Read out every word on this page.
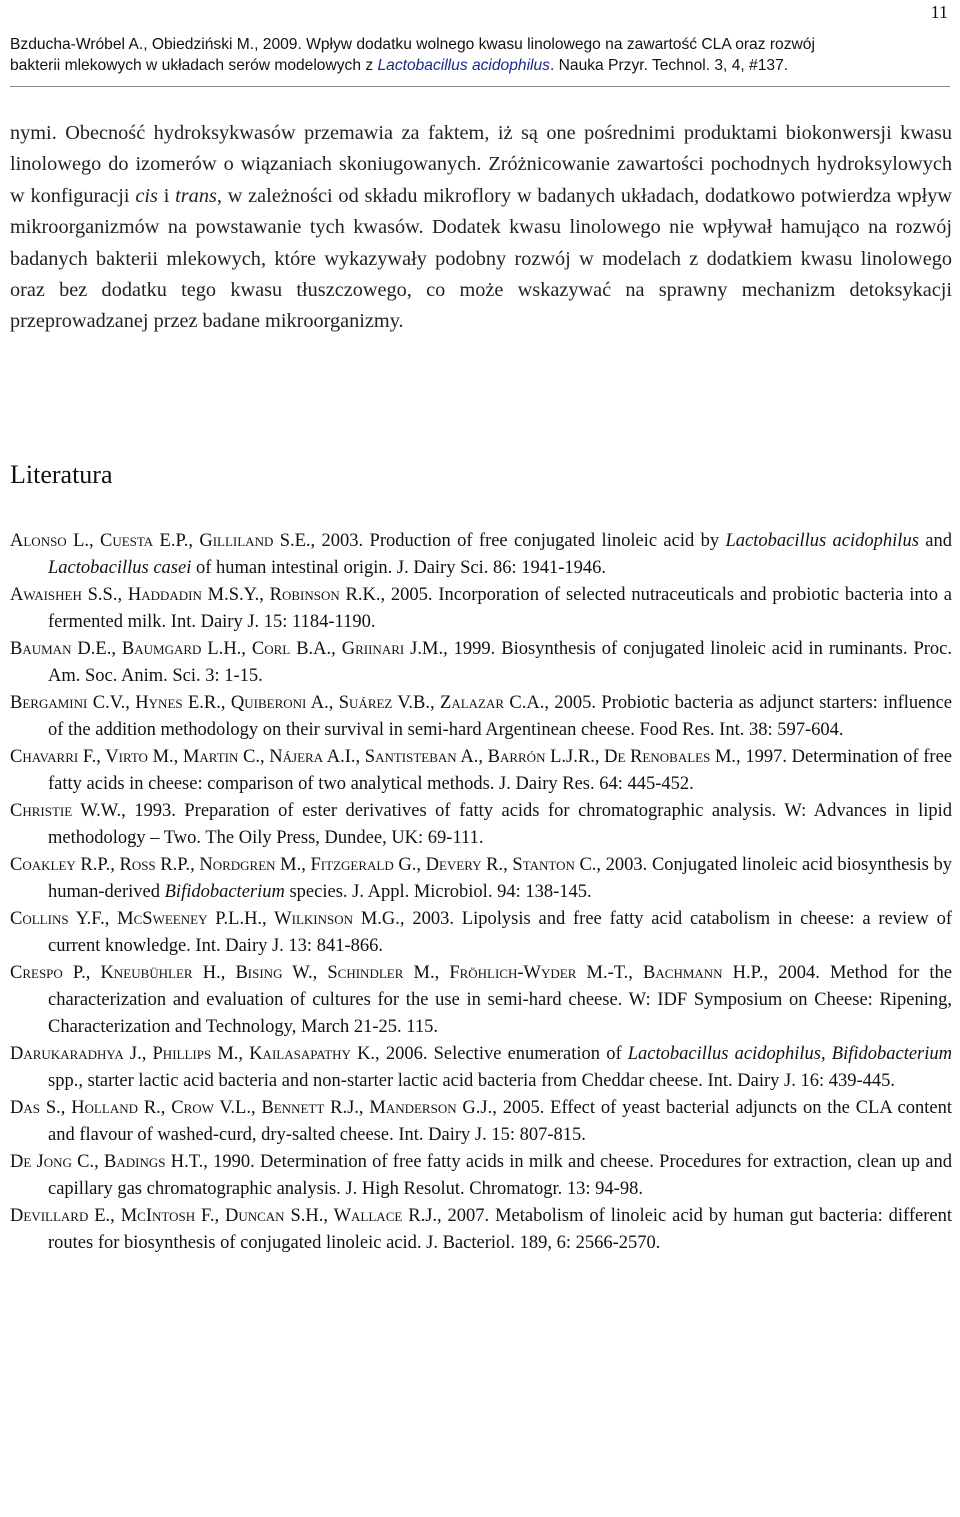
11
Bzducha-Wróbel A., Obiedziński M., 2009. Wpływ dodatku wolnego kwasu linolowego na zawartość CLA oraz rozwój
bakterii mlekowych w układach serów modelowych z Lactobacillus acidophilus. Nauka Przyr. Technol. 3, 4, #137.

nymi. Obecność hydroksykwasów przemawia za faktem, iż są one pośrednimi produktami biokonwersji kwasu linolowego do izomerów o wiązaniach skoniugowanych. Zróżnicowanie zawartości pochodnych hydroksylowych w konfiguracji cis i trans, w zależności od składu mikroflory w badanych układach, dodatkowo potwierdza wpływ mikroorganizmów na powstawanie tych kwasów. Dodatek kwasu linolowego nie wpływał hamująco na rozwój badanych bakterii mlekowych, które wykazywały podobny rozwój w modelach z dodatkiem kwasu linolowego oraz bez dodatku tego kwasu tłuszczowego, co może wskazywać na sprawny mechanizm detoksykacji przeprowadzanej przez badane mikroorganizmy.

Literatura

Alonso L., Cuesta E.P., Gilliland S.E., 2003. Production of free conjugated linoleic acid by Lactobacillus acidophilus and Lactobacillus casei of human intestinal origin. J. Dairy Sci. 86: 1941-1946.

Awaisheh S.S., Haddadin M.S.Y., Robinson R.K., 2005. Incorporation of selected nutraceuticals and probiotic bacteria into a fermented milk. Int. Dairy J. 15: 1184-1190.

Bauman D.E., Baumgard L.H., Corl B.A., Griinari J.M., 1999. Biosynthesis of conjugated linoleic acid in ruminants. Proc. Am. Soc. Anim. Sci. 3: 1-15.

Bergamini C.V., Hynes E.R., Quiberoni A., Suárez V.B., Zalazar C.A., 2005. Probiotic bacteria as adjunct starters: influence of the addition methodology on their survival in semi-hard Argentinean cheese. Food Res. Int. 38: 597-604.

Chavarri F., Virto M., Martin C., Nájera A.I., Santisteban A., Barrón L.J.R., De Renobales M., 1997. Determination of free fatty acids in cheese: comparison of two analytical methods. J. Dairy Res. 64: 445-452.

Christie W.W., 1993. Preparation of ester derivatives of fatty acids for chromatographic analysis. W: Advances in lipid methodology – Two. The Oily Press, Dundee, UK: 69-111.

Coakley R.P., Ross R.P., Nordgren M., Fitzgerald G., Devery R., Stanton C., 2003. Conjugated linoleic acid biosynthesis by human-derived Bifidobacterium species. J. Appl. Microbiol. 94: 138-145.

Collins Y.F., McSweeney P.L.H., Wilkinson M.G., 2003. Lipolysis and free fatty acid catabolism in cheese: a review of current knowledge. Int. Dairy J. 13: 841-866.

Crespo P., Kneubühler H., Bising W., Schindler M., Fröhlich-Wyder M.-T., Bachmann H.P., 2004. Method for the characterization and evaluation of cultures for the use in semi-hard cheese. W: IDF Symposium on Cheese: Ripening, Characterization and Technology, March 21-25. 115.

Darukaradhya J., Phillips M., Kailasapathy K., 2006. Selective enumeration of Lactobacillus acidophilus, Bifidobacterium spp., starter lactic acid bacteria and non-starter lactic acid bacteria from Cheddar cheese. Int. Dairy J. 16: 439-445.

Das S., Holland R., Crow V.L., Bennett R.J., Manderson G.J., 2005. Effect of yeast bacterial adjuncts on the CLA content and flavour of washed-curd, dry-salted cheese. Int. Dairy J. 15: 807-815.

De Jong C., Badings H.T., 1990. Determination of free fatty acids in milk and cheese. Procedures for extraction, clean up and capillary gas chromatographic analysis. J. High Resolut. Chromatogr. 13: 94-98.

Devillard E., McIntosh F., Duncan S.H., Wallace R.J., 2007. Metabolism of linoleic acid by human gut bacteria: different routes for biosynthesis of conjugated linoleic acid. J. Bacteriol. 189, 6: 2566-2570.
